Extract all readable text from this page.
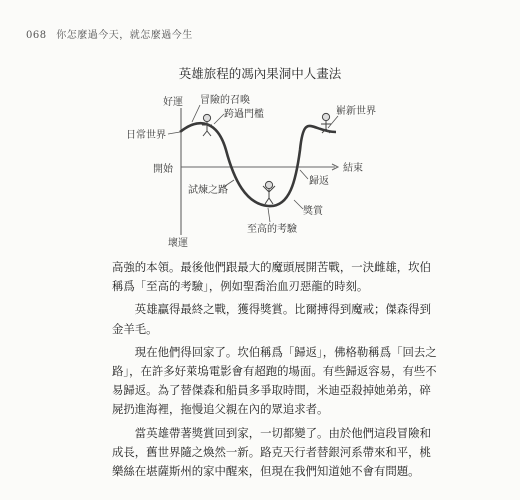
068 你怎麼過今天，就怎麼過今生
英雄旅程的馮內果洞中人畫法
好運
壞運
開始	結束
日常世界
冒險的召喚
跨過門檻
試煉之路
至高的考驗
獎賞
歸返
嶄新世界

高強的本領。最後他們跟最大的魔頭展開苦戰，一決雌雄，坎伯稱爲「至高的考驗」，例如聖喬治血刃惡龍的時刻。

英雄贏得最終之戰，獲得獎賞。比爾搏得到魔戒；傑森得到金羊毛。

現在他們得回家了。坎伯稱爲「歸返」，佛格勒稱爲「回去之路」，在許多好萊塢電影會有超跑的場面。有些歸返容易，有些不易歸返。為了替傑森和船員多爭取時間，米迪亞殺掉她弟弟，碎屍扔進海裡，拖慢追父親在內的眾追求者。

當英雄帶著獎賞回到家，一切都變了。由於他們這段冒險和成長，舊世界隨之煥然一新。路克天行者替銀河系帶來和平，桃樂絲在堪薩斯州的家中醒來，但現在我們知道她不會有問題。
